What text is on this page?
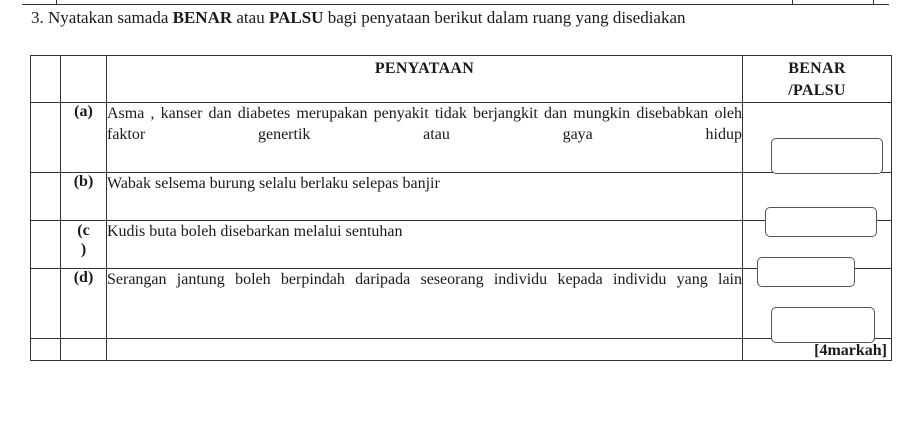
3. Nyatakan samada BENAR atau PALSU bagi penyataan berikut dalam ruang yang disediakan
		PENYATAAN	BENAR
/PALSU

	(a)	Asma , kanser dan diabetes merupakan penyakit tidak berjangkit dan mungkin disebabkan oleh faktor genertik atau gaya hidup	

	(b)	Wabak selsema burung selalu berlaku selepas banjir	

	(c
)	Kudis buta boleh disebarkan melalui sentuhan	

	(d)	Serangan jantung boleh berpindah daripada seseorang individu kepada individu yang lain	

			[4markah]
